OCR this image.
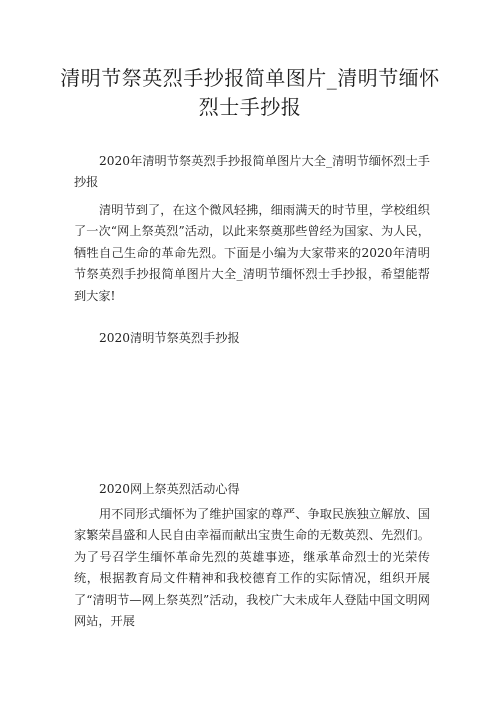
清明节祭英烈手抄报简单图片_清明节缅怀烈士手抄报

2020年清明节祭英烈手抄报简单图片大全_清明节缅怀烈士手抄报

清明节到了，在这个微风轻拂，细雨满天的时节里，学校组织了一次“网上祭英烈”活动，以此来祭奠那些曾经为国家、为人民，牺牲自己生命的革命先烈。下面是小编为大家带来的2020年清明节祭英烈手抄报简单图片大全_清明节缅怀烈士手抄报，希望能帮到大家!

2020清明节祭英烈手抄报

2020网上祭英烈活动心得

用不同形式缅怀为了维护国家的尊严、争取民族独立解放、国家繁荣昌盛和人民自由幸福而献出宝贵生命的无数英烈、先烈们。为了号召学生缅怀革命先烈的英雄事迹，继承革命烈士的光荣传统，根据教育局文件精神和我校德育工作的实际情况，组织开展了“清明节—网上祭英烈”活动，我校广大未成年人登陆中国文明网网站，开展
